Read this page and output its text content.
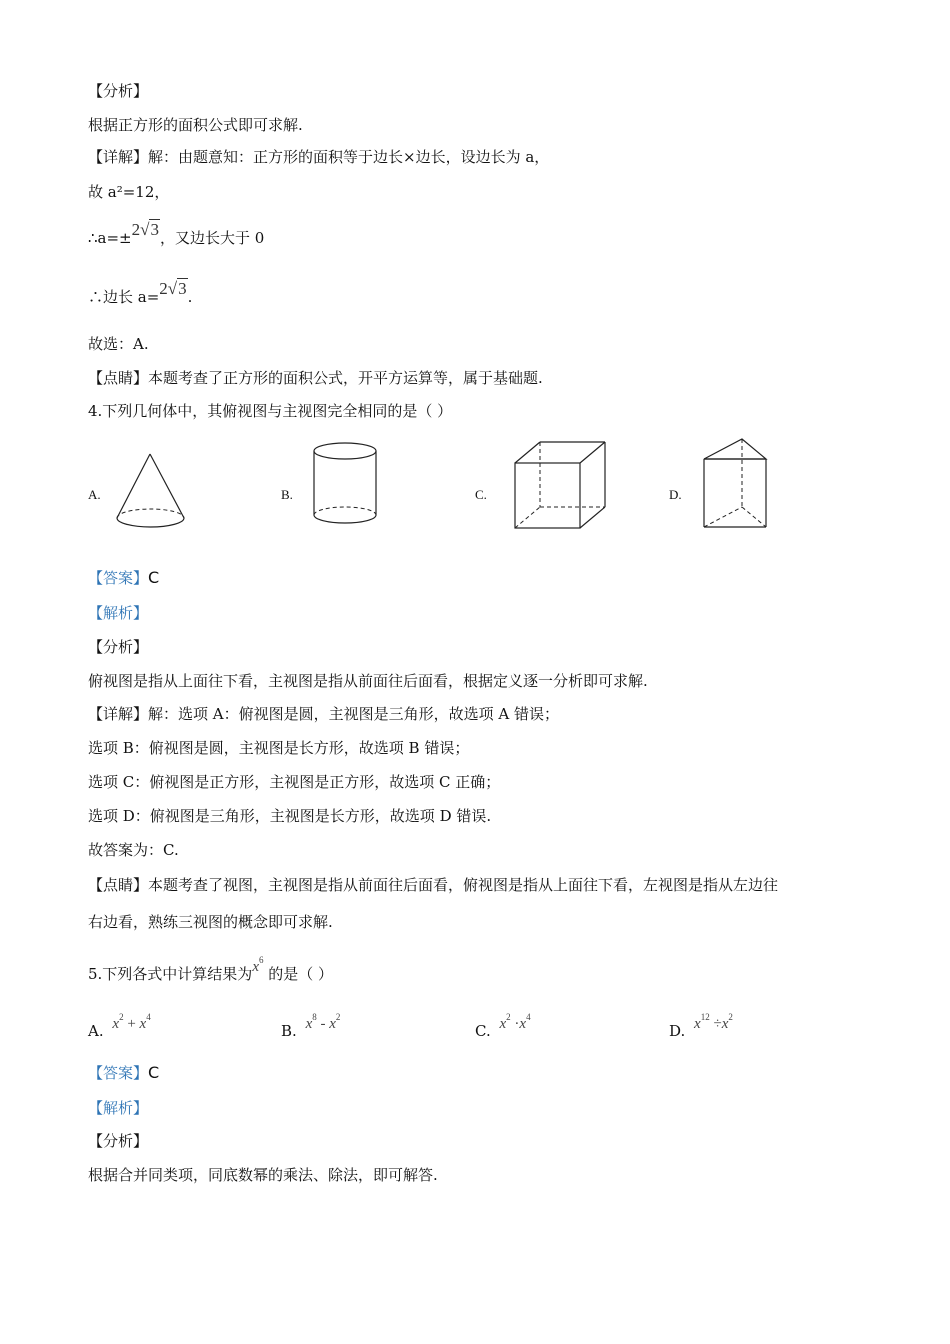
【分析】
根据正方形的面积公式即可求解.
【详解】解：由题意知：正方形的面积等于边长×边长，设边长为 a，
故 a²=12，
∴a=±2√3，又边长大于 0
∴边长 a=2√3.
故选：A.
【点睛】本题考查了正方形的面积公式，开平方运算等，属于基础题.
4.下列几何体中，其俯视图与主视图完全相同的是（ ）
A.	B.	C.	D.
【答案】C
【解析】
【分析】
俯视图是指从上面往下看，主视图是指从前面往后面看，根据定义逐一分析即可求解.
【详解】解：选项 A：俯视图是圆，主视图是三角形，故选项 A 错误；
选项 B：俯视图是圆，主视图是长方形，故选项 B 错误；
选项 C：俯视图是正方形，主视图是正方形，故选项 C 正确；
选项 D：俯视图是三角形，主视图是长方形，故选项 D 错误.
故答案为：C.
【点睛】本题考查了视图，主视图是指从前面往后面看，俯视图是指从上面往下看，左视图是指从左边往
右边看，熟练三视图的概念即可求解.
5.下列各式中计算结果为$x^6$ 的是（ ）
A. $x^2 + x^4$
B. $x^8 - x^2$
C. $x^2 \cdot x^4$
D. $x^{12} \div x^2$
【答案】C
【解析】
【分析】
根据合并同类项，同底数幂的乘法、除法，即可解答.
